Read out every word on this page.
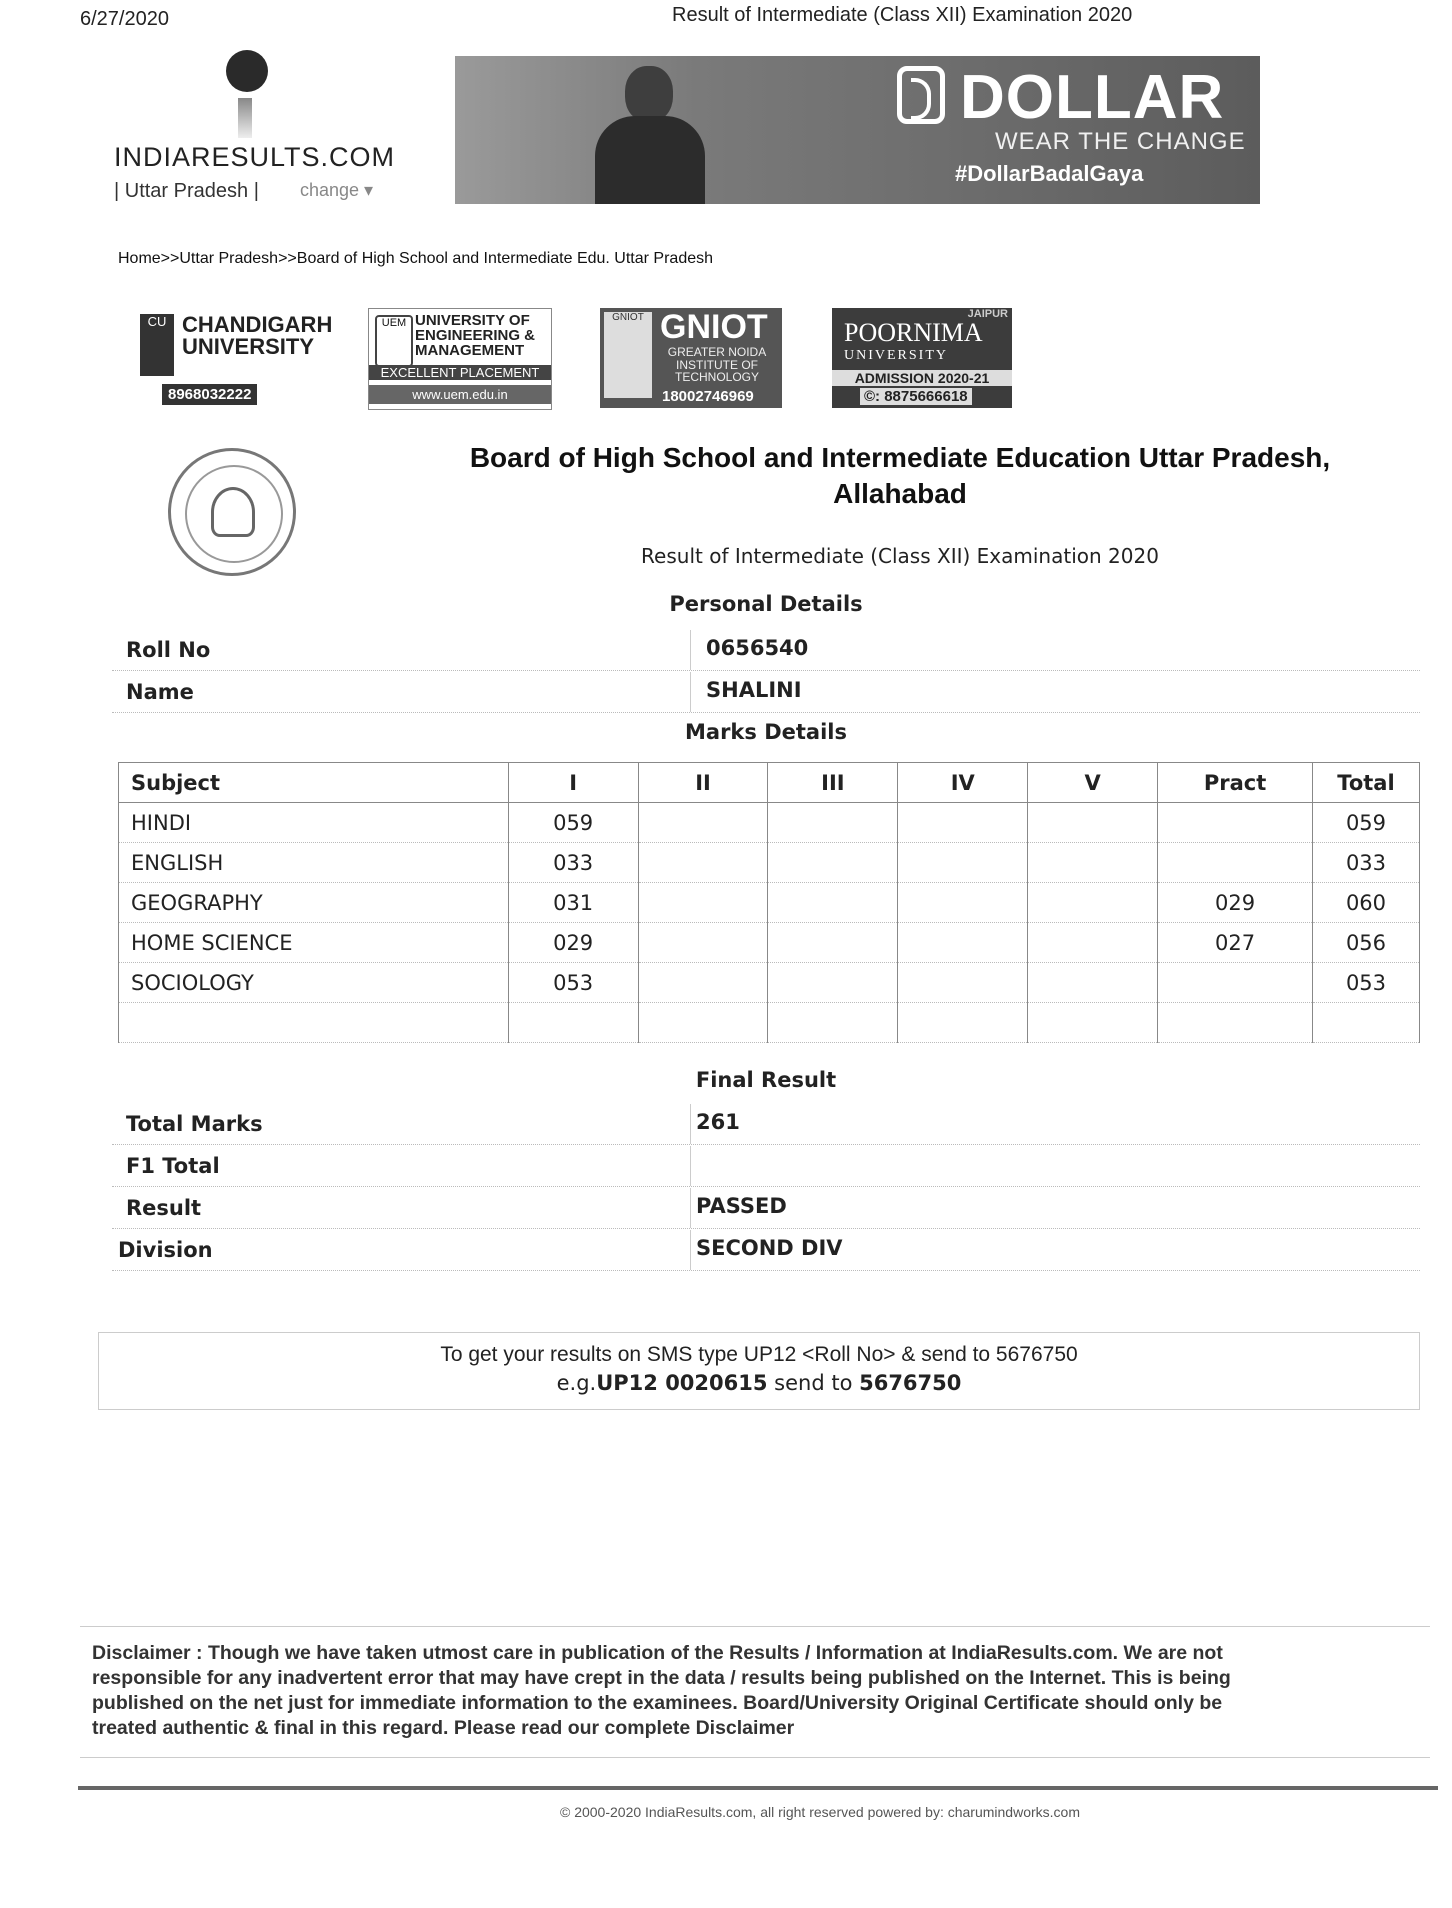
6/27/2020	Result of Intermediate (Class XII) Examination 2020
INDIARESULTS.COM
| Uttar Pradesh | change ▾
DOLLAR
WEAR THE CHANGE
#DollarBadalGaya
Home>>Uttar Pradesh>>Board of High School and Intermediate Edu. Uttar Pradesh
CU CHANDIGARH
UNIVERSITY
8968032222
UEM UNIVERSITY OF
ENGINEERING &
MANAGEMENT
EXCELLENT PLACEMENT
www.uem.edu.in
GNIOT GNIOT
GREATER NOIDA
INSTITUTE OF
TECHNOLOGY
18002746969
JAIPUR
POORNIMA
UNIVERSITY
ADMISSION 2020-21
©: 8875666618
Board of High School and Intermediate Education Uttar Pradesh,
Allahabad
Result of Intermediate (Class XII) Examination 2020
Personal Details
Roll No	0656540
Name	SHALINI
Marks Details
Subject	I	II	III	IV	V	Pract	Total
HINDI	059						059
ENGLISH	033						033
GEOGRAPHY	031					029	060
HOME SCIENCE	029					027	056
SOCIOLOGY	053						053

Final Result
Total Marks	261
F1 Total
Result	PASSED
Division	SECOND DIV
To get your results on SMS type UP12 <Roll No> & send to 5676750
e.g.UP12 0020615 send to 5676750
Disclaimer : Though we have taken utmost care in publication of the Results / Information at IndiaResults.com. We are not responsible for any inadvertent error that may have crept in the data / results being published on the Internet. This is being published on the net just for immediate information to the examinees. Board/University Original Certificate should only be treated authentic & final in this regard. Please read our complete Disclaimer
© 2000-2020 IndiaResults.com, all right reserved powered by: charumindworks.com
